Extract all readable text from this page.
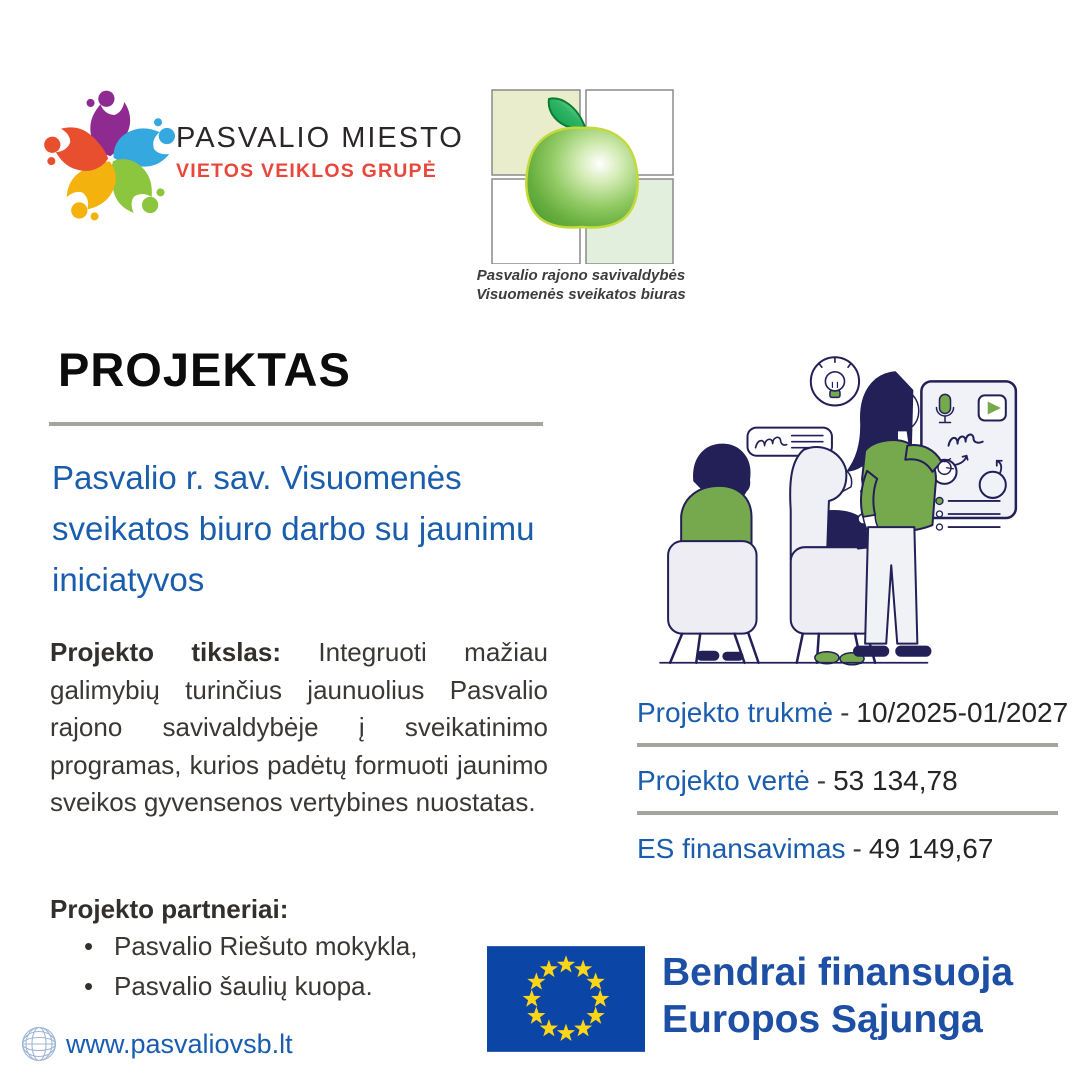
PASVALIO MIESTO
VIETOS VEIKLOS GRUPĖ
Pasvalio rajono savivaldybės
Visuomenės sveikatos biuras
PROJEKTAS
Pasvalio r. sav. Visuomenės sveikatos biuro darbo su jaunimu iniciatyvos

Projekto tikslas: Integruoti mažiau galimybių turinčius jaunuolius Pasvalio rajono savivaldybėje į sveikatinimo programas, kurios padėtų formuoti jaunimo sveikos gyvensenos vertybines nuostatas.

Projekto partneriai:
• Pasvalio Riešuto mokykla,
• Pasvalio šaulių kuopa.
Projekto trukmė - 10/2025-01/2027
Projekto vertė - 53 134,78
ES finansavimas - 49 149,67
Bendrai finansuoja
Europos Sąjunga
www.pasvaliovsb.lt
